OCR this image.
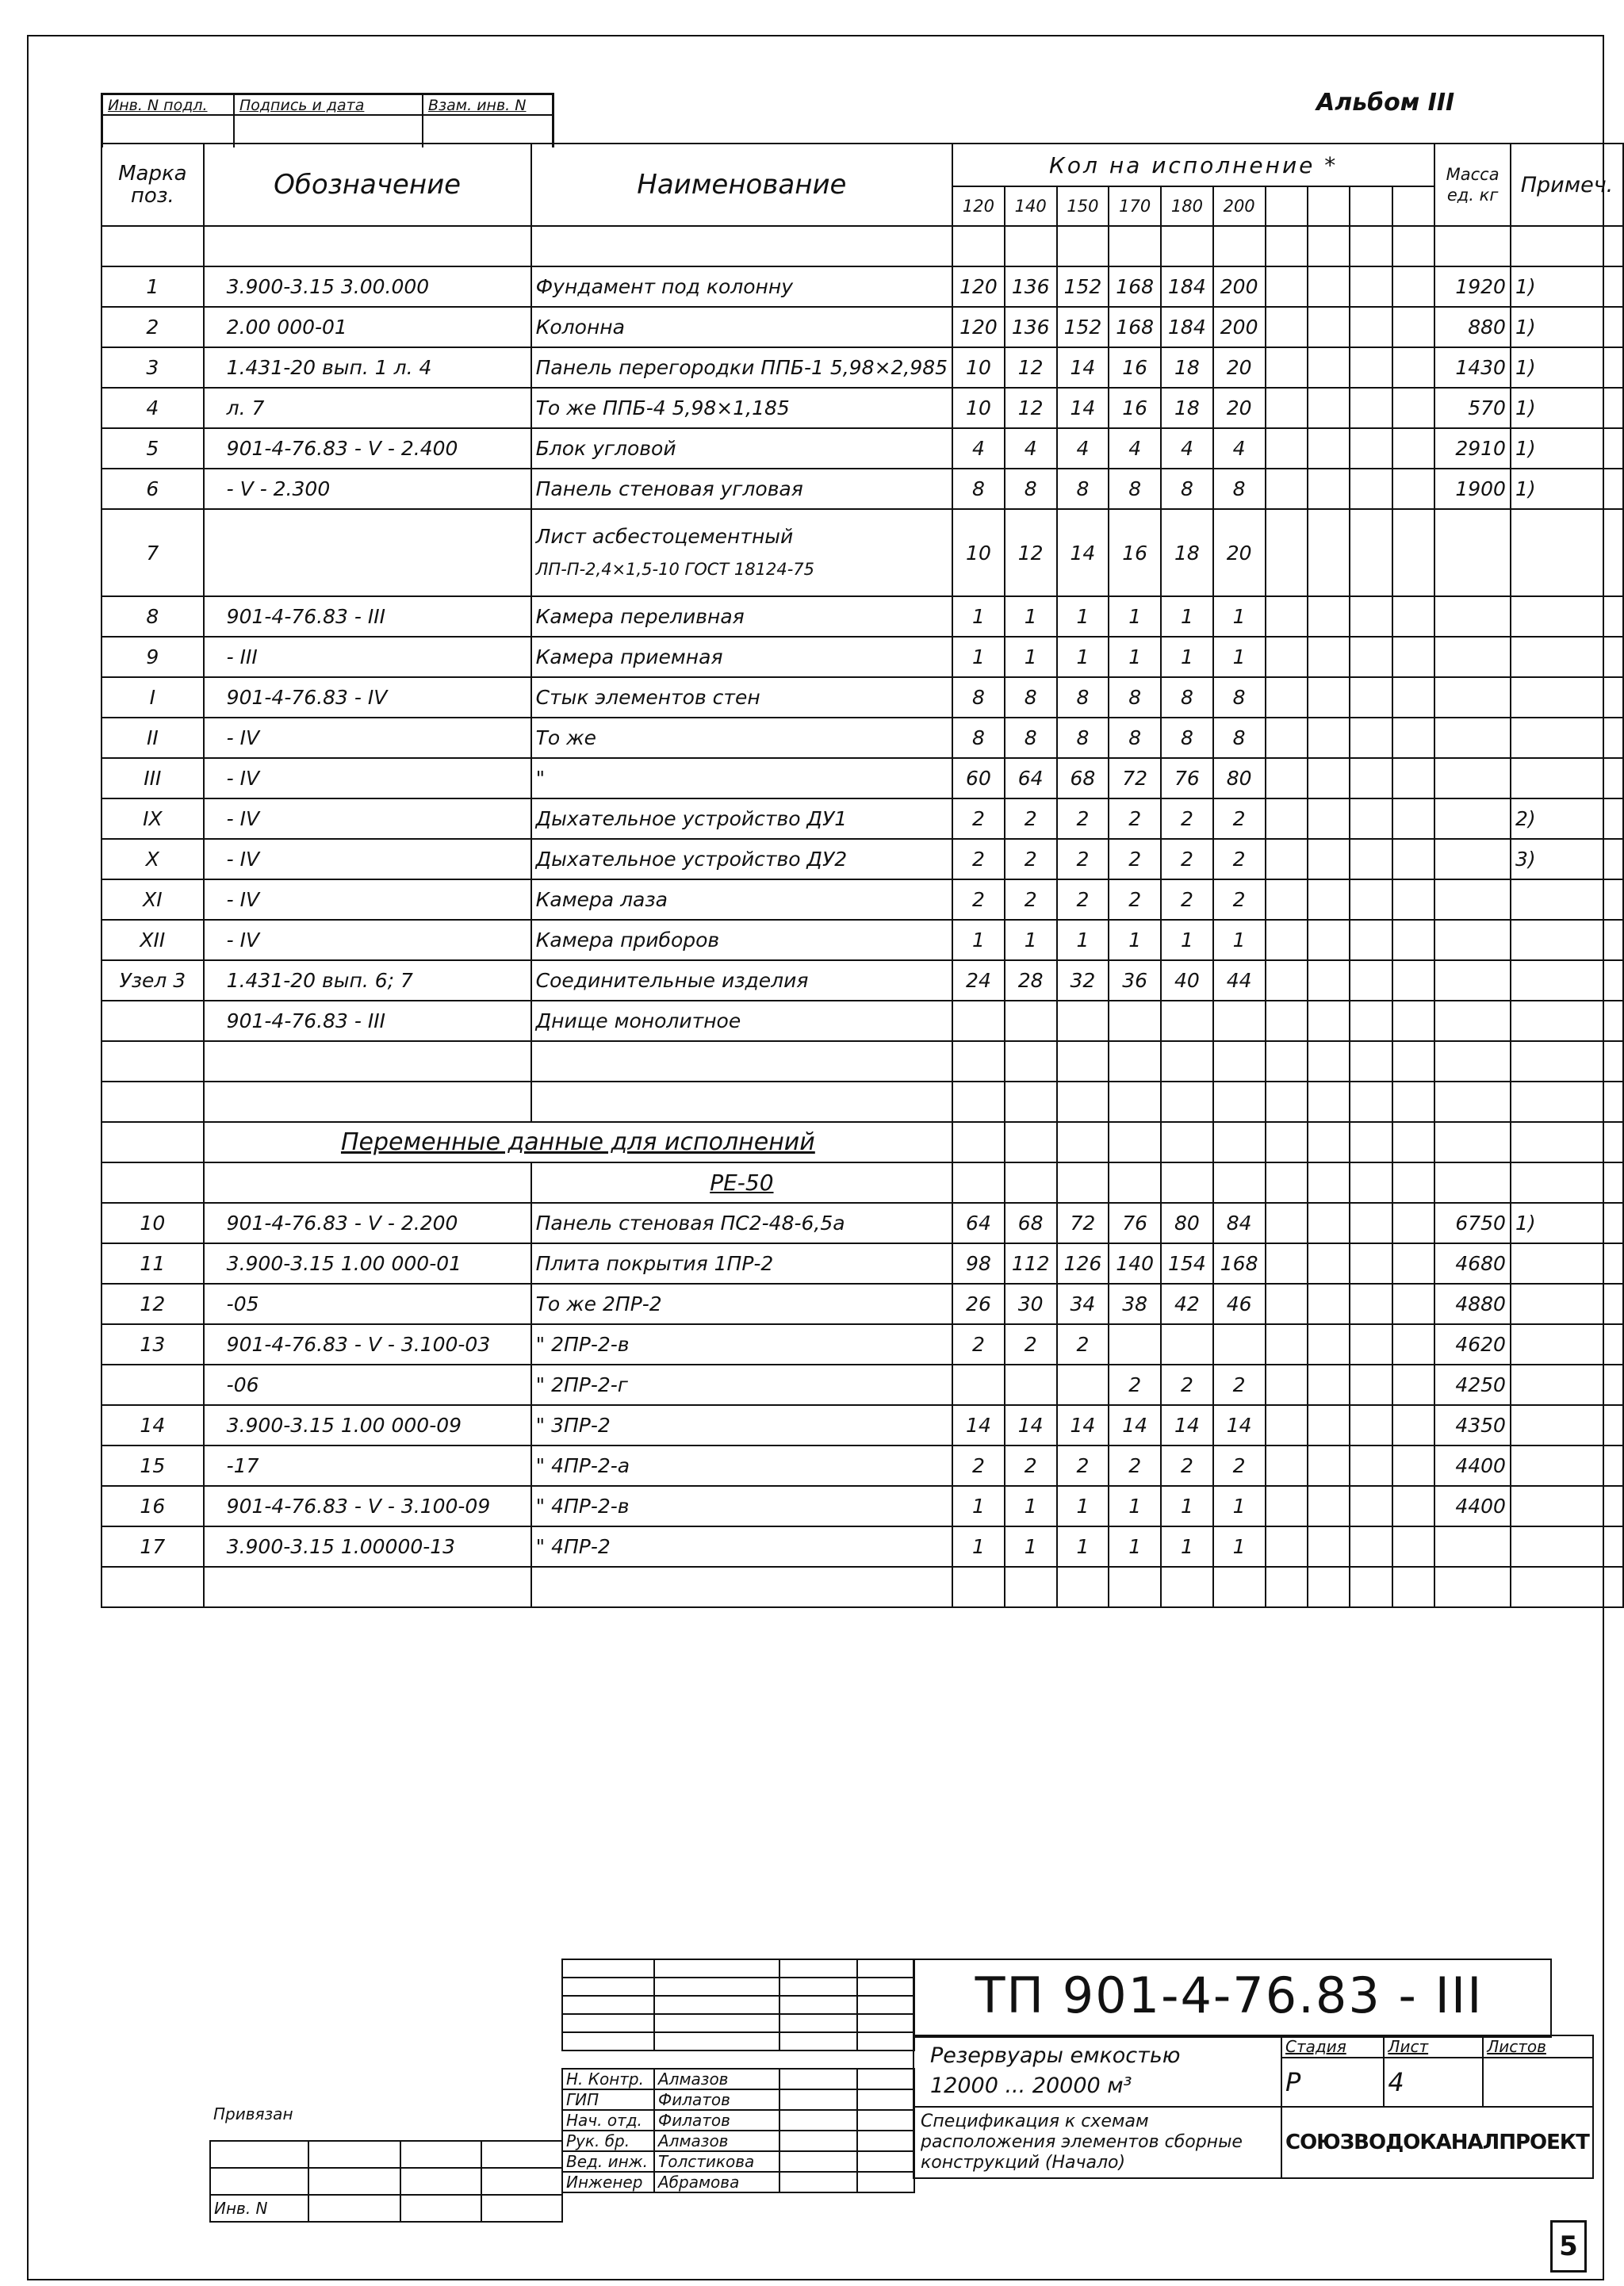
Инв. N подл.	Подпись и дата	Взам. инв. N	Альбом III
Марка поз.	Обозначение	Наименование	Кол на исполнение *										Масса ед. кг	Примеч.
			120	140	150	170	180	200						

1	3.900-3.15 3.00.000	Фундамент под колонну	120	136	152	168	184	200					1920	1)
2	2.00 000-01	Колонна	120	136	152	168	184	200					880	1)
3	1.431-20 вып. 1 л. 4	Панель перегородки ППБ-1 5,98×2,985	10	12	14	16	18	20					1430	1)
4	л. 7	То же ППБ-4 5,98×1,185	10	12	14	16	18	20					570	1)
5	901-4-76.83 - V - 2.400	Блок угловой	4	4	4	4	4	4					2910	1)
6	- V - 2.300	Панель стеновая угловая	8	8	8	8	8	8					1900	1)
7		Лист асбестоцементный
ЛП-П-2,4×1,5-10 ГОСТ 18124-75	10	12	14	16	18	20						
8	901-4-76.83 - III	Камера переливная	1	1	1	1	1	1						
9	- III	Камера приемная	1	1	1	1	1	1						
I	901-4-76.83 - IV	Стык элементов стен	8	8	8	8	8	8						
II	- IV	То же	8	8	8	8	8	8						
III	- IV	"	60	64	68	72	76	80						
IX	- IV	Дыхательное устройство ДУ1	2	2	2	2	2	2						2)
X	- IV	Дыхательное устройство ДУ2	2	2	2	2	2	2						3)
XI	- IV	Камера лаза	2	2	2	2	2	2						
XII	- IV	Камера приборов	1	1	1	1	1	1						
Узел 3	1.431-20 вып. 6; 7	Соединительные изделия	24	28	32	36	40	44						
	901-4-76.83 - III	Днище монолитное												

	Переменные данные для исполнений													
		РЕ-50												
10	901-4-76.83 - V - 2.200	Панель стеновая ПС2-48-6,5а	64	68	72	76	80	84					6750	1)
11	3.900-3.15 1.00 000-01	Плита покрытия 1ПР-2	98	112	126	140	154	168					4680	
12	-05	То же 2ПР-2	26	30	34	38	42	46					4880	
13	901-4-76.83 - V - 3.100-03	" 2ПР-2-в	2	2	2								4620	
	-06	" 2ПР-2-г				2	2	2					4250	
14	3.900-3.15 1.00 000-09	" 3ПР-2	14	14	14	14	14	14					4350	
15	-17	" 4ПР-2-а	2	2	2	2	2	2					4400	
16	901-4-76.83 - V - 3.100-09	" 4ПР-2-в	1	1	1	1	1	1					4400	
17	3.900-3.15 1.00000-13	" 4ПР-2	1	1	1	1	1	1						

Н. Контр.	Алмазов		
ГИП	Филатов		
Нач. отд.	Филатов		
Рук. бр.	Алмазов		
Вед. инж.	Толстикова		
Инженер	Абрамова		
Привязан			

Инв. N			
ТП 901-4-76.83 - III
Резервуары емкостью
12000 ... 20000 м³	Стадия	Лист	Листов
	Р	4	
Спецификация к схемам расположения элементов сборные
конструкций (Начало)	СОЮЗВОДОКАНАЛПРОЕКТ		
5
